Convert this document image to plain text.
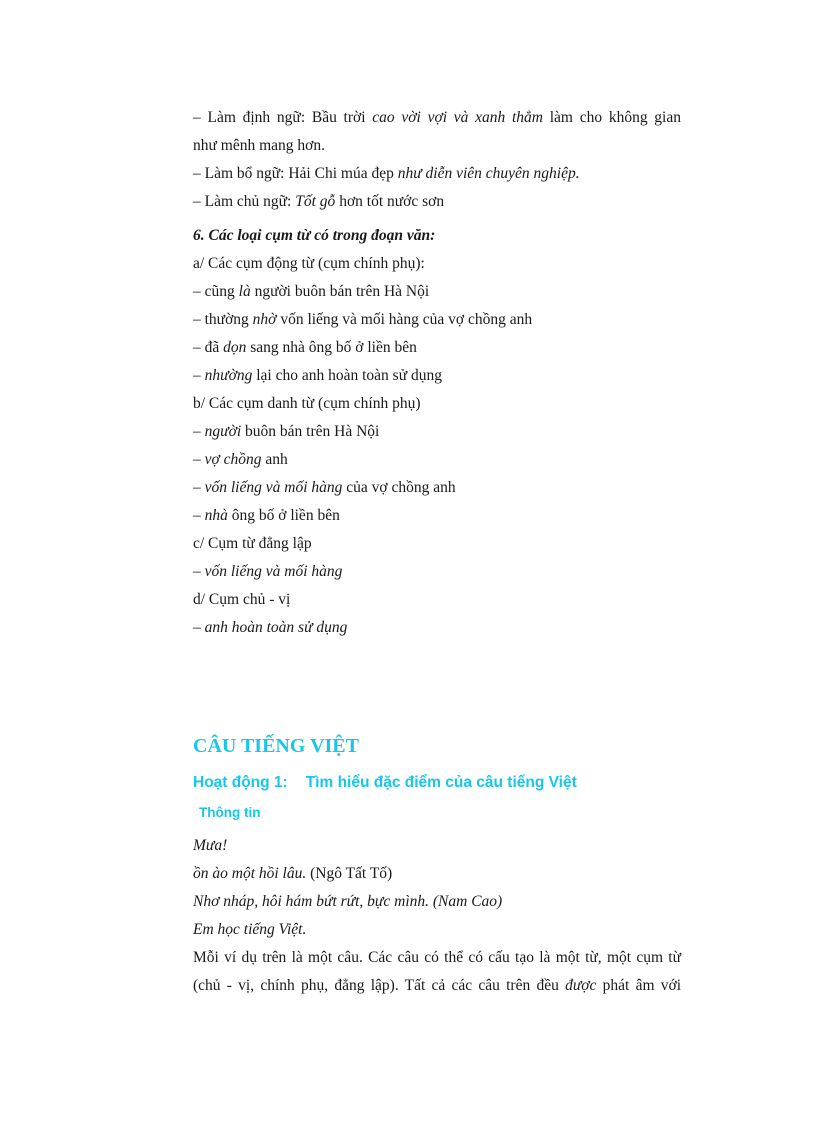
– Làm định ngữ: Bầu trời cao vời vợi và xanh thẳm làm cho không gian
như mênh mang hơn.
– Làm bổ ngữ: Hải Chi múa đẹp như diễn viên chuyên nghiệp.
– Làm chủ ngữ: Tốt gỗ hơn tốt nước sơn
6. Các loại cụm từ có trong đoạn văn:
a/ Các cụm động từ (cụm chính phụ):
– cũng là người buôn bán trên Hà Nội
– thường nhờ vốn liếng và mối hàng của vợ chồng anh
– đã dọn sang nhà ông bố ở liền bên
– nhường lại cho anh hoàn toàn sử dụng
b/ Các cụm danh từ (cụm chính phụ)
– người buôn bán trên Hà Nội
– vợ chồng anh
– vốn liếng và mối hàng của vợ chồng anh
– nhà ông bố ở liền bên
c/ Cụm từ đẳng lập
– vốn liếng và mối hàng
d/ Cụm chủ - vị
– anh hoàn toàn sử dụng
CÂU TIẾNG VIỆT
Hoạt động 1: Tìm hiểu đặc điểm của câu tiếng Việt
Thông tin
Mưa!
ồn ào một hồi lâu. (Ngô Tất Tố)
Nhơ nháp, hôi hám bứt rứt, bực mình. (Nam Cao)
Em học tiếng Việt.
Mỗi ví dụ trên là một câu. Các câu có thể có cấu tạo là một từ, một cụm từ
(chủ - vị, chính phụ, đẳng lập). Tất cả các câu trên đều được phát âm với
